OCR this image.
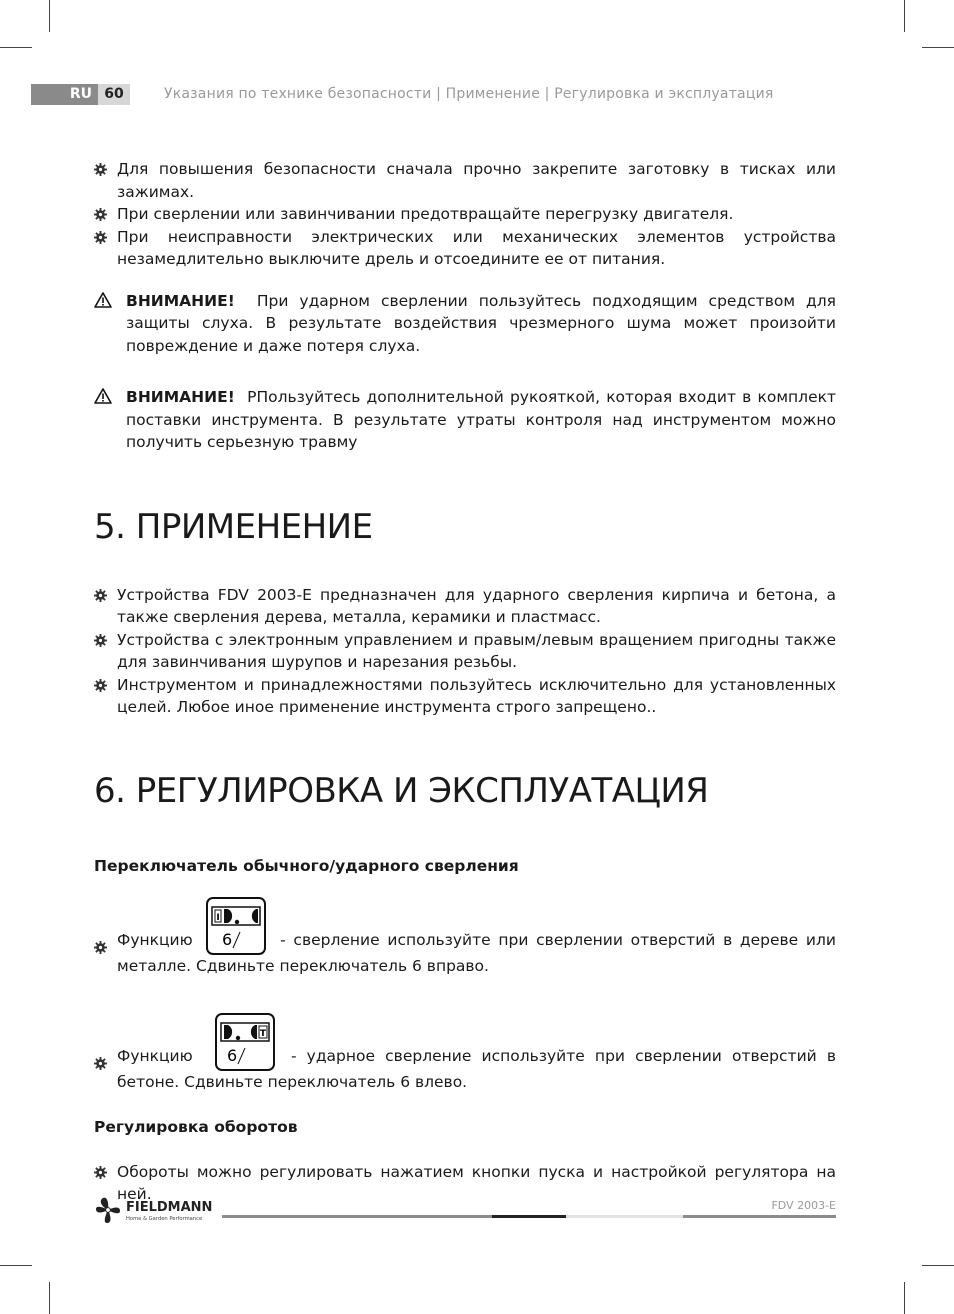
RU 60	Указания по технике безопасности | Применение | Регулировка и эксплуатация
Для повышения безопасности сначала прочно закрепите заготовку в тисках или зажимах.
При сверлении или завинчивании предотвращайте перегрузку двигателя.
При неисправности электрических или механических элементов устройства незамедлительно выключите дрель и отсоедините ее от питания.
ВНИМАНИЕ! При ударном сверлении пользуйтесь подходящим средством для защиты слуха. В результате воздействия чрезмерного шума может произойти повреждение и даже потеря слуха.
ВНИМАНИЕ! РПользуйтесь дополнительной рукояткой, которая входит в комплект поставки инструмента. В результате утраты контроля над инструментом можно получить серьезную травму
5. ПРИМЕНЕНИЕ
Устройства FDV 2003-E предназначен для ударного сверления кирпича и бетона, а также сверления дерева, металла, керамики и пластмасс.
Устройства с электронным управлением и правым/левым вращением пригодны также для завинчивания шурупов и нарезания резьбы.
Инструментом и принадлежностями пользуйтесь исключительно для установленных целей. Любое иное применение инструмента строго запрещено..
6. РЕГУЛИРОВКА И ЭКСПЛУАТАЦИЯ
Переключатель обычного/ударного сверления
Функцию
I
6	- сверление используйте при сверлении отверстий в дереве или металле. Сдвиньте переключатель 6 вправо.
Функцию
T
6	- ударное сверление используйте при сверлении отверстий в бетоне. Сдвиньте переключатель 6 влево.
Регулировка оборотов
Обороты можно регулировать нажатием кнопки пуска и настройкой регулятора на ней.
FIELDMANN
Home & Garden Performance
FDV 2003-E
